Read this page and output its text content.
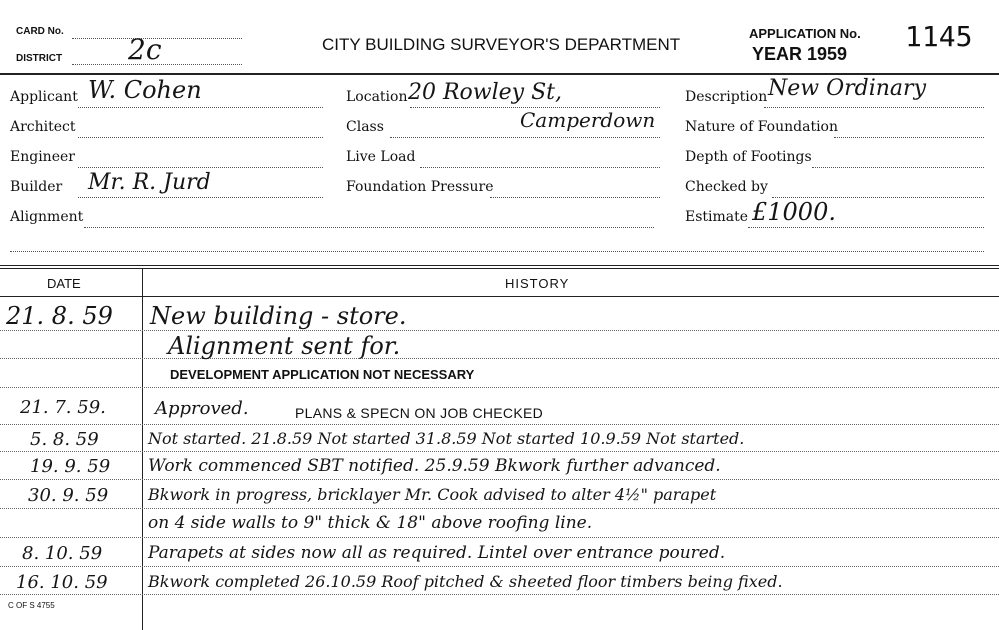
CARD No.
DISTRICT 2c	CITY BUILDING SURVEYOR'S DEPARTMENT
APPLICATION No.
YEAR 1959
1145
Applicant W. Cohen
Architect
Engineer
Builder Mr. R. Jurd
Alignment
Location 20 Rowley St,
Camperdown
Class
Live Load
Foundation Pressure
Description New Ordinary
Nature of Foundation
Depth of Footings
Checked by
Estimate £1000.
DATE	HISTORY
21. 8. 59 New building - store.
Alignment sent for.
DEVELOPMENT APPLICATION NOT NECESSARY
21. 7. 59.	Approved.	PLANS & SPECN ON JOB CHECKED
5. 8. 59	Not started. 21.8.59 Not started 31.8.59 Not started 10.9.59 Not started.
19. 9. 59 Work commenced SBT notified. 25.9.59 Bkwork further advanced.
30. 9. 59 Bkwork in progress, bricklayer Mr. Cook advised to alter 4½" parapet
on 4 side walls to 9" thick & 18" above roofing line.
8. 10. 59	Parapets at sides now all as required. Lintel over entrance poured.
16. 10. 59	Bkwork completed 26.10.59 Roof pitched & sheeted floor timbers being fixed.
C OF S 4755
